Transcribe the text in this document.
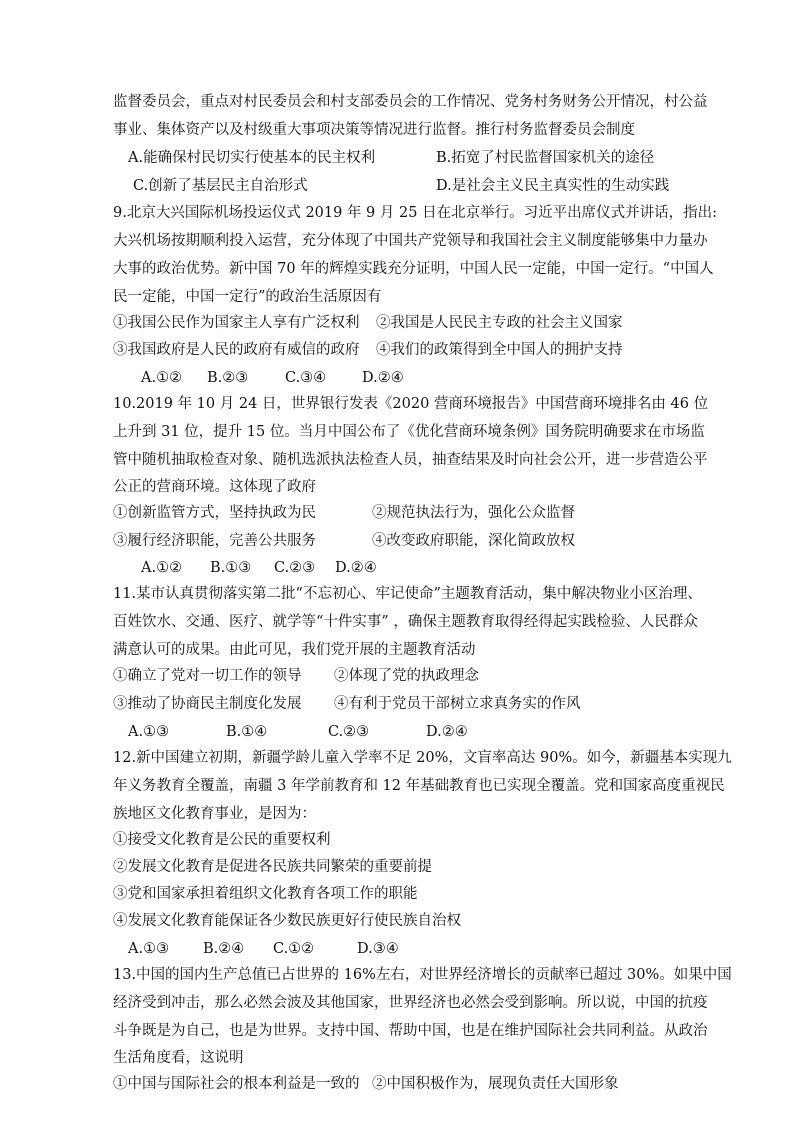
监督委员会，重点对村民委员会和村支部委员会的工作情况、党务村务财务公开情况，村公益
事业、集体资产以及村级重大事项决策等情况进行监督。推行村务监督委员会制度
A.能确保村民切实行使基本的民主权利	B.拓宽了村民监督国家机关的途径
C.创新了基层民主自治形式	D.是社会主义民主真实性的生动实践
9.北京大兴国际机场投运仪式 2019 年 9 月 25 日在北京举行。习近平出席仪式并讲话，指出:
大兴机场按期顺利投入运营，充分体现了中国共产党领导和我国社会主义制度能够集中力量办
大事的政治优势。新中国 70 年的辉煌实践充分证明，中国人民一定能，中国一定行。“中国人
民一定能，中国一定行”的政治生活原因有
①我国公民作为国家主人享有广泛权利 ②我国是人民民主专政的社会主义国家
③我国政府是人民的政府有威信的政府 ④我们的政策得到全中国人的拥护支持
A.①② B.②③	C.③④ D.②④
10.2019 年 10 月 24 日，世界银行发表《2020 营商环境报告》中国营商环境排名由 46 位
上升到 31 位，提升 15 位。当月中国公布了《优化营商环境条例》国务院明确要求在市场监
管中随机抽取检查对象、随机选派执法检查人员，抽查结果及时向社会公开，进一步营造公平
公正的营商环境。这体现了政府
①创新监管方式，坚持执政为民	②规范执法行为，强化公众监督
③履行经济职能，完善公共服务	④改变政府职能，深化简政放权
A.①② B.①③ C.②③ D.②④
11.某市认真贯彻落实第二批“不忘初心、牢记使命”主题教育活动，集中解决物业小区治理、
百姓饮水、交通、医疗、就学等“十件实事” ，确保主题教育取得经得起实践检验、人民群众
满意认可的成果。由此可见，我们党开展的主题教育活动
①确立了党对一切工作的领导 ②体现了党的执政理念
③推动了协商民主制度化发展 ④有利于党员干部树立求真务实的作风
A.①③	B.①④	C.②③	D.②④
12.新中国建立初期，新疆学龄儿童入学率不足 20%，文盲率高达 90%。如今，新疆基本实现九
年义务教育全覆盖，南疆 3 年学前教育和 12 年基础教育也已实现全覆盖。党和国家高度重视民
族地区文化教育事业，是因为：
①接受文化教育是公民的重要权利
②发展文化教育是促进各民族共同繁荣的重要前提
③党和国家承担着组织文化教育各项工作的职能
④发展文化教育能保证各少数民族更好行使民族自治权
A.①③ B.②④ C.①②	D.③④
13.中国的国内生产总值已占世界的 16%左右，对世界经济增长的贡献率已超过 30%。如果中国
经济受到冲击，那么必然会波及其他国家，世界经济也必然会受到影响。所以说，中国的抗疫
斗争既是为自己，也是为世界。支持中国、帮助中国，也是在维护国际社会共同利益。从政治
生活角度看，这说明
①中国与国际社会的根本利益是一致的 ②中国积极作为，展现负责任大国形象
